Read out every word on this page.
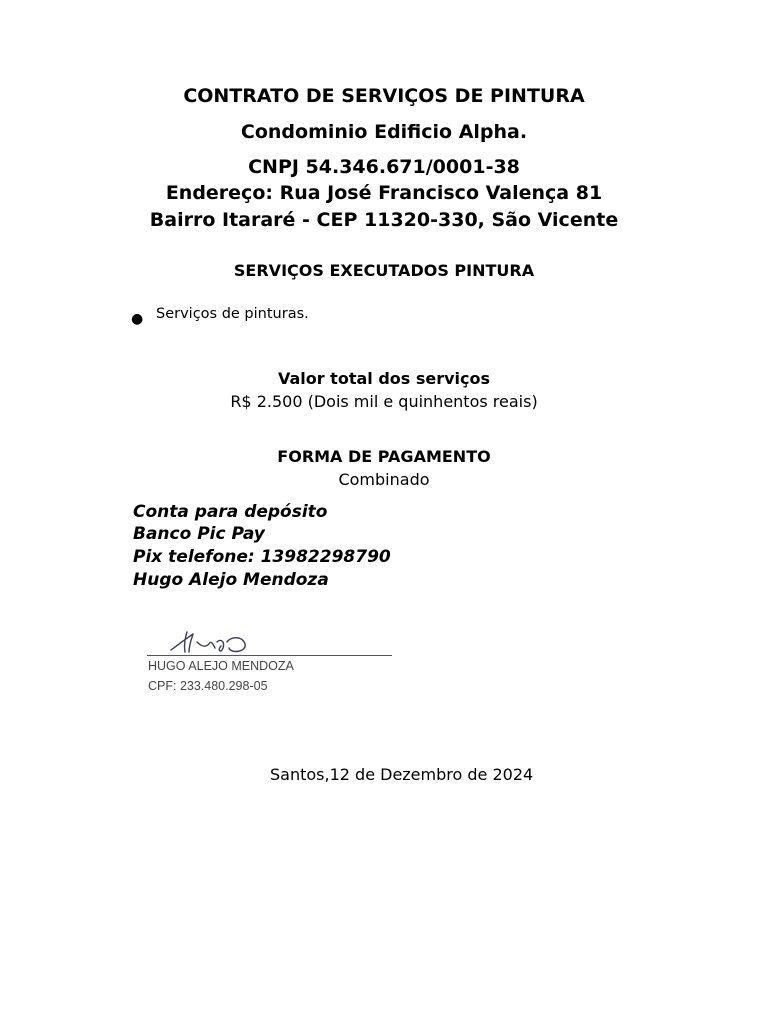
CONTRATO DE SERVIÇOS DE PINTURA
Condominio Edificio Alpha.
CNPJ 54.346.671/0001-38
Endereço: Rua José Francisco Valença 81
Bairro Itararé - CEP 11320-330, São Vicente
SERVIÇOS EXECUTADOS PINTURA
● Serviços de pinturas.
Valor total dos serviços
R$ 2.500 (Dois mil e quinhentos reais)
FORMA DE PAGAMENTO
Combinado
Conta para depósito
Banco Pic Pay
Pix telefone: 13982298790
Hugo Alejo Mendoza
HUGO ALEJO MENDOZA
CPF: 233.480.298-05
Santos,12 de Dezembro de 2024
